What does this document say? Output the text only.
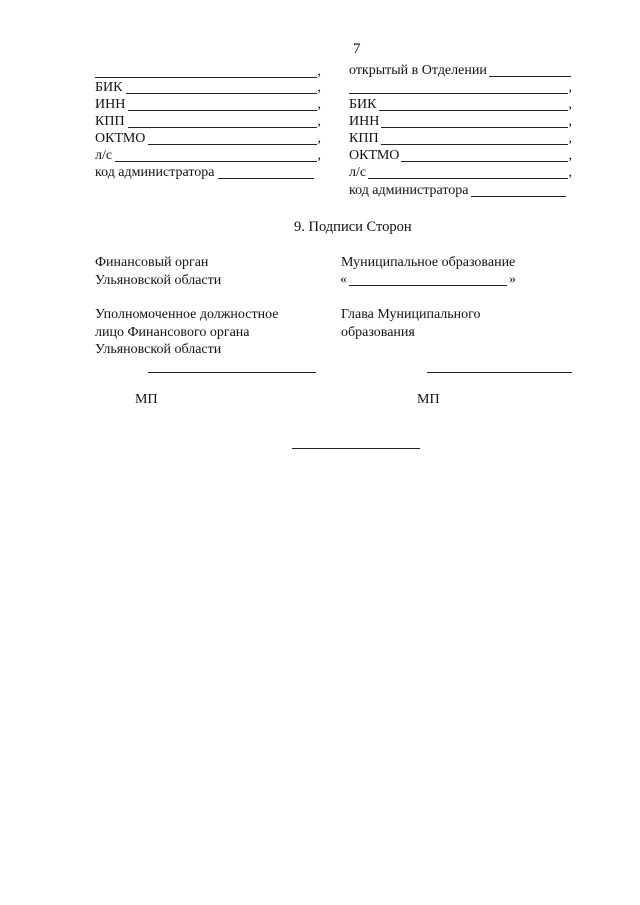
7
,
БИК	,
ИНН	,
КПП	,
ОКТМО	,
л/с	,
код администратора
открытый в Отделении
,
БИК	,
ИНН	,
КПП	,
ОКТМО	,
л/с	,
код администратора
9. Подписи Сторон
Финансовый орган
Ульяновской области
Уполномоченное должностное
лицо Финансового органа
Ульяновской области
МП
Муниципальное образование
«	»
Глава Муниципального
образования
МП
